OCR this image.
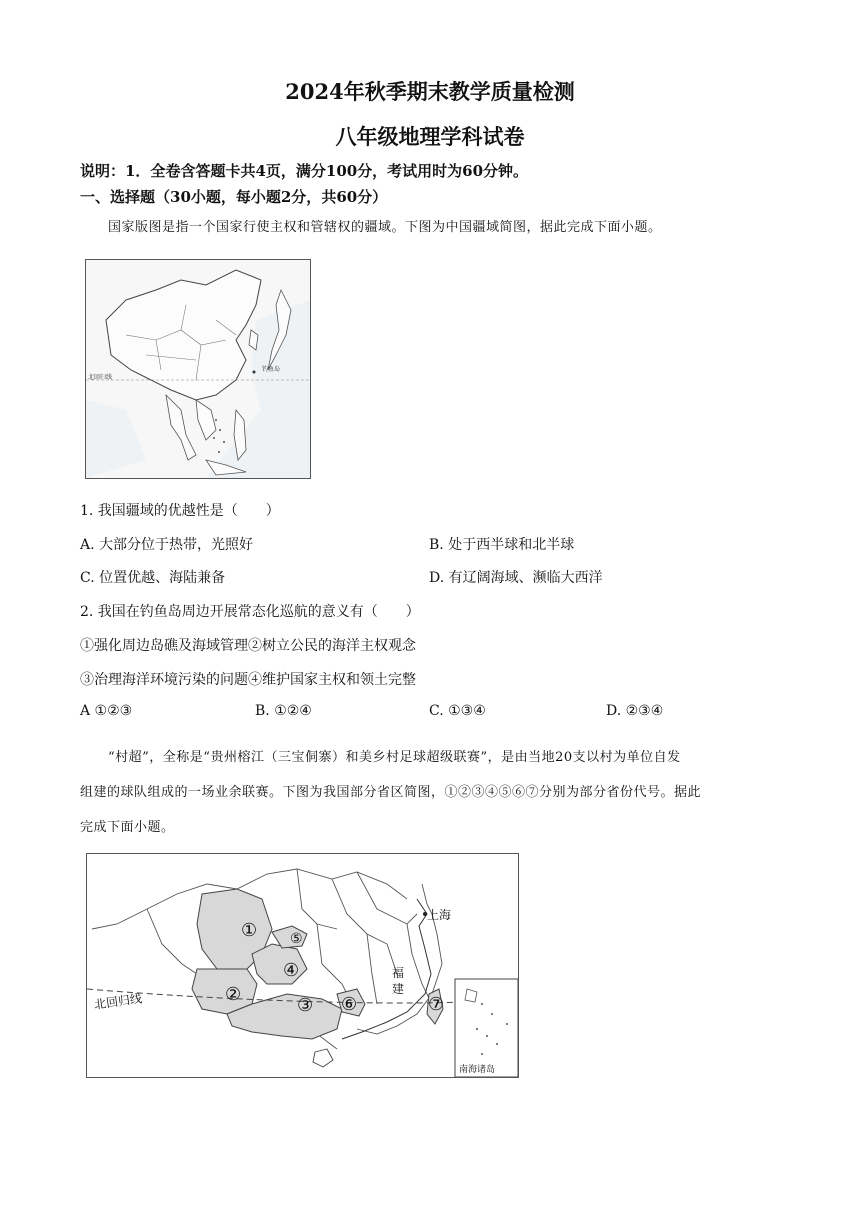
2024年秋季期末教学质量检测
八年级地理学科试卷
说明：1．全卷含答题卡共4页，满分100分，考试用时为60分钟。
一、选择题（30小题，每小题2分，共60分）
国家版图是指一个国家行使主权和管辖权的疆域。下图为中国疆域简图，据此完成下面小题。
北回归线
钓鱼岛
1. 我国疆域的优越性是（　　）
A. 大部分位于热带，光照好	B. 处于西半球和北半球
C. 位置优越、海陆兼备	D. 有辽阔海域、濒临大西洋
2. 我国在钓鱼岛周边开展常态化巡航的意义有（　　）
①强化周边岛礁及海域管理②树立公民的海洋主权观念
③治理海洋环境污染的问题④维护国家主权和领土完整
A ①②③	B. ①②④	C. ①③④	D. ②③④
“村超”，全称是“贵州榕江（三宝侗寨）和美乡村足球超级联赛”，是由当地20支以村为单位自发
组建的球队组成的一场业余联赛。下图为我国部分省区简图，①②③④⑤⑥⑦分别为部分省份代号。据此
完成下面小题。
上海
福
建
北回归线
南海诸岛
①
②
③
④
⑤
⑥	⑦
